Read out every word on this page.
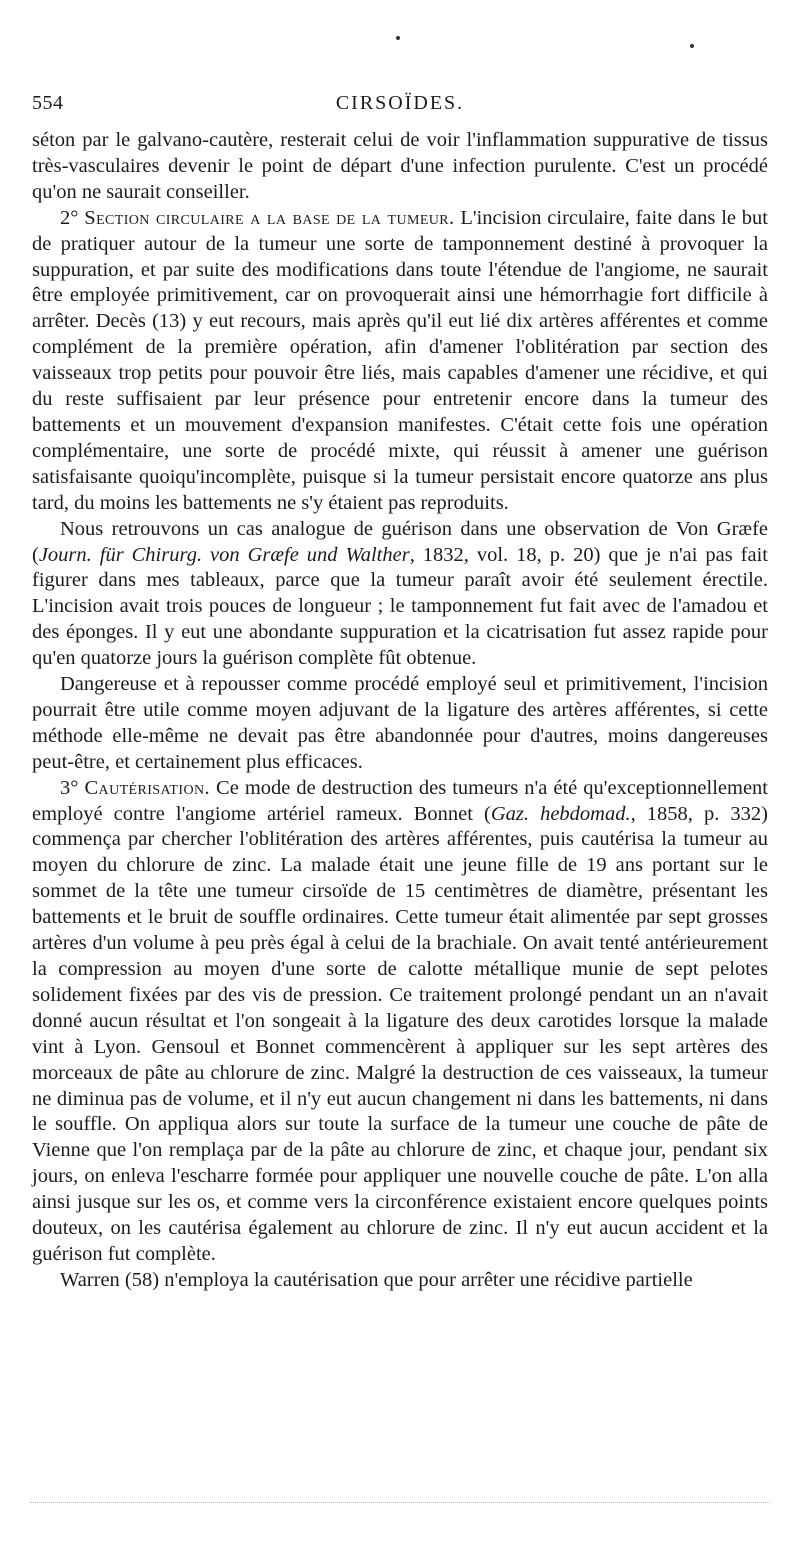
554	CIRSOÏDES.

séton par le galvano-cautère, resterait celui de voir l'inflammation suppurative de tissus très-vasculaires devenir le point de départ d'une infection purulente. C'est un procédé qu'on ne saurait conseiller.

2° Section circulaire a la base de la tumeur. L'incision circulaire, faite dans le but de pratiquer autour de la tumeur une sorte de tamponnement destiné à provoquer la suppuration, et par suite des modifications dans toute l'étendue de l'angiome, ne saurait être employée primitivement, car on provoquerait ainsi une hémorrhagie fort difficile à arrêter. Decès (13) y eut recours, mais après qu'il eut lié dix artères afférentes et comme complément de la première opération, afin d'amener l'oblitération par section des vaisseaux trop petits pour pouvoir être liés, mais capables d'amener une récidive, et qui du reste suffisaient par leur présence pour entretenir encore dans la tumeur des battements et un mouvement d'expansion manifestes. C'était cette fois une opération complémentaire, une sorte de procédé mixte, qui réussit à amener une guérison satisfaisante quoiqu'incomplète, puisque si la tumeur persistait encore quatorze ans plus tard, du moins les battements ne s'y étaient pas reproduits.

Nous retrouvons un cas analogue de guérison dans une observation de Von Græfe (Journ. für Chirurg. von Græfe und Walther, 1832, vol. 18, p. 20) que je n'ai pas fait figurer dans mes tableaux, parce que la tumeur paraît avoir été seulement érectile. L'incision avait trois pouces de longueur ; le tamponnement fut fait avec de l'amadou et des éponges. Il y eut une abondante suppuration et la cicatrisation fut assez rapide pour qu'en quatorze jours la guérison complète fût obtenue.

Dangereuse et à repousser comme procédé employé seul et primitivement, l'incision pourrait être utile comme moyen adjuvant de la ligature des artères afférentes, si cette méthode elle-même ne devait pas être abandonnée pour d'autres, moins dangereuses peut-être, et certainement plus efficaces.

3° Cautérisation. Ce mode de destruction des tumeurs n'a été qu'exceptionnellement employé contre l'angiome artériel rameux. Bonnet (Gaz. hebdomad., 1858, p. 332) commença par chercher l'oblitération des artères afférentes, puis cautérisa la tumeur au moyen du chlorure de zinc. La malade était une jeune fille de 19 ans portant sur le sommet de la tête une tumeur cirsoïde de 15 centimètres de diamètre, présentant les battements et le bruit de souffle ordinaires. Cette tumeur était alimentée par sept grosses artères d'un volume à peu près égal à celui de la brachiale. On avait tenté antérieurement la compression au moyen d'une sorte de calotte métallique munie de sept pelotes solidement fixées par des vis de pression. Ce traitement prolongé pendant un an n'avait donné aucun résultat et l'on songeait à la ligature des deux carotides lorsque la malade vint à Lyon. Gensoul et Bonnet commencèrent à appliquer sur les sept artères des morceaux de pâte au chlorure de zinc. Malgré la destruction de ces vaisseaux, la tumeur ne diminua pas de volume, et il n'y eut aucun changement ni dans les battements, ni dans le souffle. On appliqua alors sur toute la surface de la tumeur une couche de pâte de Vienne que l'on remplaça par de la pâte au chlorure de zinc, et chaque jour, pendant six jours, on enleva l'escharre formée pour appliquer une nouvelle couche de pâte. L'on alla ainsi jusque sur les os, et comme vers la circonférence existaient encore quelques points douteux, on les cautérisa également au chlorure de zinc. Il n'y eut aucun accident et la guérison fut complète.

Warren (58) n'employa la cautérisation que pour arrêter une récidive partielle
